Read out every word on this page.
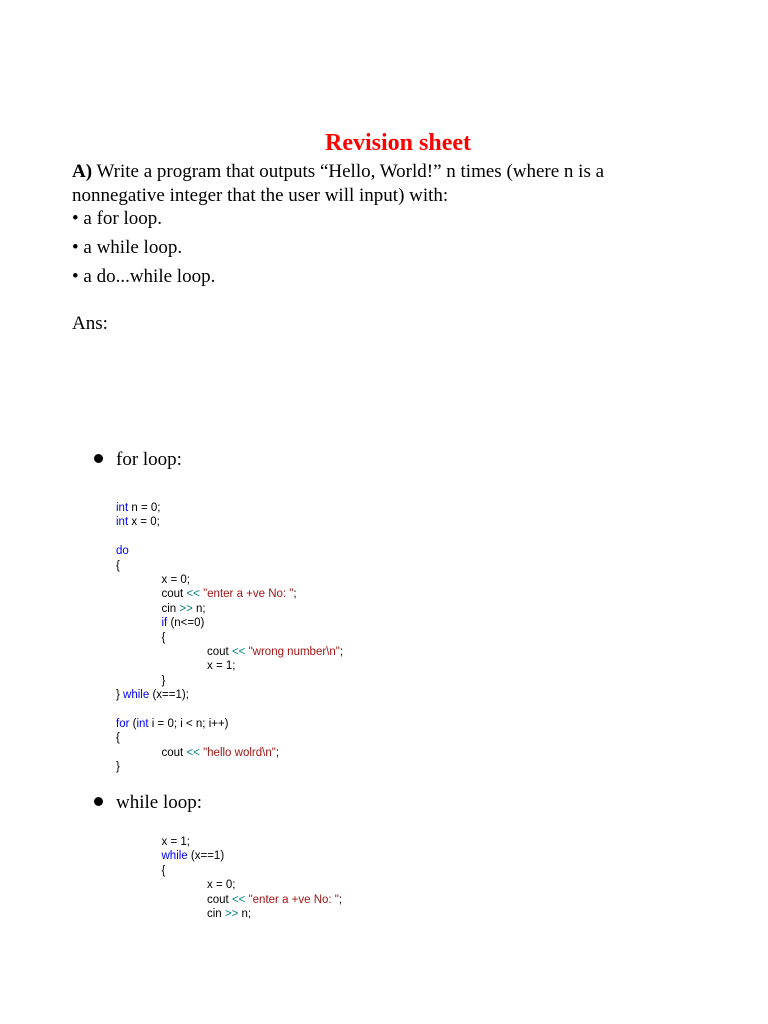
Revision sheet
A) Write a program that outputs “Hello, World!” n times (where n is a
nonnegative integer that the user will input) with:
• a for loop.
• a while loop.
• a do...while loop.
Ans:
for loop:
int n = 0;
int x = 0;
do
{
x = 0;
cout << "enter a +ve No: ";
cin >> n;
if (n<=0)
{
cout << "wrong number\n";
x = 1;
}
} while (x==1);
for (int i = 0; i < n; i++)
{
cout << "hello wolrd\n";
}
while loop:
x = 1;
while (x==1)
{
x = 0;
cout << "enter a +ve No: ";
cin >> n;
